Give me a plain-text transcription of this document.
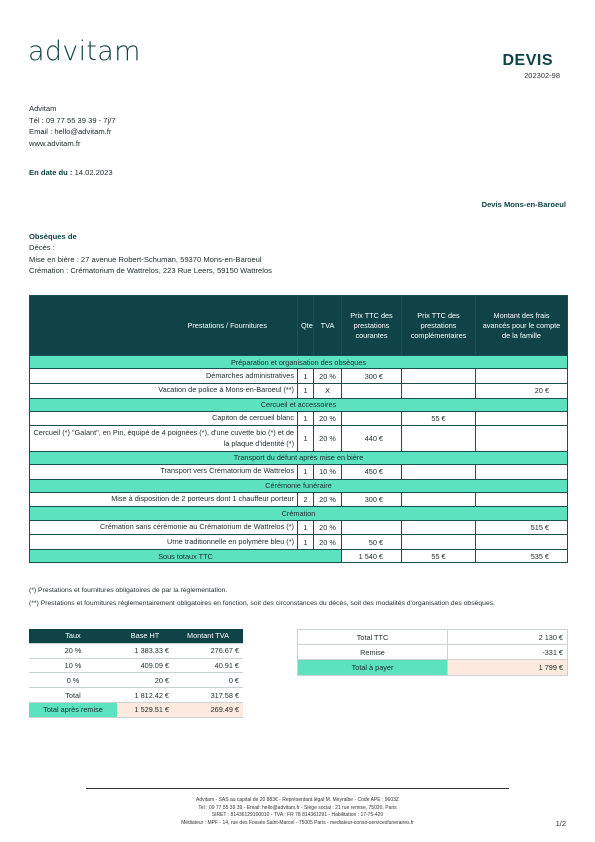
advitam	DEVIS
202302-98
Advitam
Tél : 09 77 55 39 39 - 7j/7
Email : hello@advitam.fr
www.advitam.fr
En date du : 14.02.2023
Devis Mons-en-Baroeul
Obsèques de
Décès :
Mise en bière : 27 avenue Robert-Schuman, 59370 Mons-en-Baroeul
Crémation : Crématorium de Wattrelos, 223 Rue Leers, 59150 Wattrelos
Prestations / Fournitures	Qte	TVA	Prix TTC des prestations courantes	Prix TTC des prestations complémentaires	Montant des frais avancés pour le compte de la famille
Préparation et organisation des obsèques					
Démarches administratives	1	20 %	300 €		
Vacation de police à Mons-en-Baroeul (**)	1	X			20 €
Cercueil et accessoires					
Capiton de cercueil blanc	1	20 %		55 €	
Cercueil (*) "Galant", en Pin, équipé de 4 poignées (*), d'une cuvette bio (*) et de la plaque d'identité (*)	1	20 %	440 €		
Transport du défunt après mise en bière					
Transport vers Crématorium de Wattrelos	1	10 %	450 €		
Cérémonie funéraire					
Mise à disposition de 2 porteurs dont 1 chauffeur porteur	2	20 %	300 €		
Crémation					
Crémation sans cérémonie au Crématorium de Wattrelos (*)	1	20 %			515 €
Urne traditionnelle en polymère bleu (*)	1	20 %	50 €		
Sous totaux TTC			1 540 €	55 €	535 €

(*) Prestations et fournitures obligatoires de par la réglementation.

(**) Prestations et fournitures réglementairement obligatoires en fonction, soit des circonstances du décès, soit des modalités d'organisation des obsèques.

Taux	Base HT	Montant TVA
20 %	1 383.33 €	276.67 €
10 %	409.09 €	40.91 €
0 %	20 €	0 €
Total	1 812.42 €	317.58 €
Total après remise	1 529.51 €	269.49 €
Total TTC	2 130 €
Remise	-331 €
Total à payer	1 799 €
Advitam - SAS au capital de 20 883€ - Représentant légal M. Meyralbe - Code APE : 9603Z
Tel : 09 77 55 39 39 - Email: hello@advitam.fr - Siège social : 21 rue remise, 75020, Paris
SIRET : 81436129100010 - TVA : FR 78 814361291 - Habilitation : 17-75-420
Médiateur : MPF - 14, rue des Fossés Saint-Marcel - 75005 Paris - mediateur-conso-servicesfuneraires.fr	1/2
